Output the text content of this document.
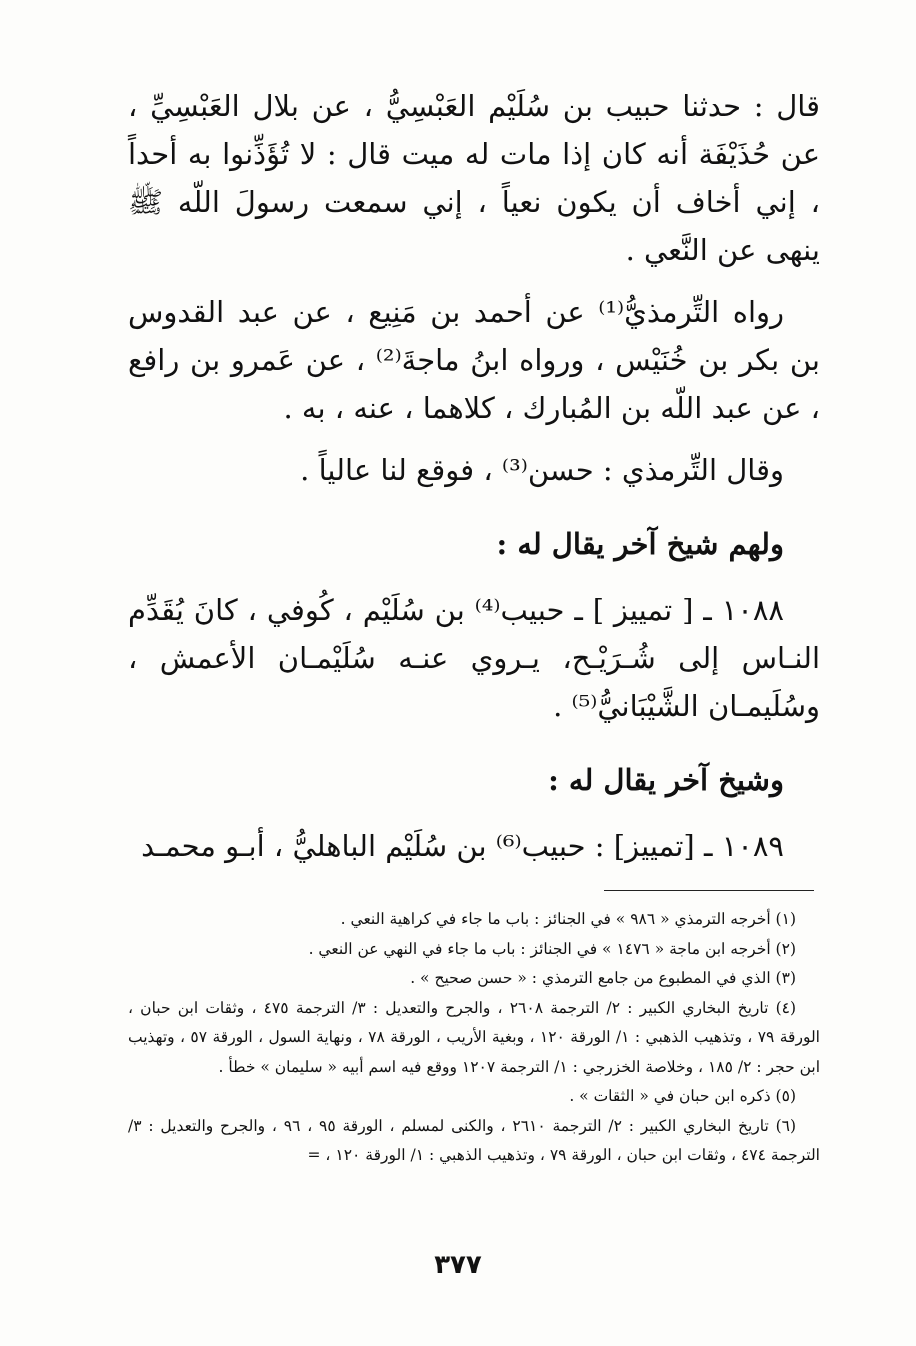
قال : حدثنا حبيب بن سُلَيْم العَبْسِيُّ ، عن بلال العَبْسِيِّ ، عن حُذَيْفَة أنه كان إذا مات له ميت قال : لا تُؤَذِّنوا به أحداً ، إني أخاف أن يكون نعياً ، إني سمعت رسولَ اللّه ﷺ ينهى عن النَّعي .

رواه التِّرمذيُّ⁽¹⁾ عن أحمد بن مَنِيع ، عن عبد القدوس بن بكر بن خُنَيْس ، ورواه ابنُ ماجةَ⁽²⁾ ، عن عَمرو بن رافع ، عن عبد اللّه بن المُبارك ، كلاهما ، عنه ، به .

وقال التِّرمذي : حسن⁽³⁾ ، فوقع لنا عالياً .

ولهم شيخ آخر يقال له :

١٠٨٨ ـ [ تمييز ] ـ حبيب⁽⁴⁾ بن سُلَيْم ، كُوفي ، كانَ يُقَدِّم النـاس إلى شُـرَيْـح، يـروي عنـه سُلَيْمـان الأعمش ، وسُلَيمـان الشَّيْبَانيُّ⁽⁵⁾ .

وشيخ آخر يقال له :

١٠٨٩ ـ [تمييز] : حبيب⁽⁶⁾ بن سُلَيْم الباهليُّ ، أبـو محمـد

(١) أخرجه الترمذي « ٩٨٦ » في الجنائز : باب ما جاء في كراهية النعي .

(٢) أخرجه ابن ماجة « ١٤٧٦ » في الجنائز : باب ما جاء في النهي عن النعي .

(٣) الذي في المطبوع من جامع الترمذي : « حسن صحيح » .

(٤) تاريخ البخاري الكبير : ٢/ الترجمة ٢٦٠٨ ، والجرح والتعديل : ٣/ الترجمة ٤٧٥ ، وثقات ابن حبان ، الورقة ٧٩ ، وتذهيب الذهبي : ١/ الورقة ١٢٠ ، وبغية الأريب ، الورقة ٧٨ ، ونهاية السول ، الورقة ٥٧ ، وتهذيب ابن حجر : ٢/ ١٨٥ ، وخلاصة الخزرجي : ١/ الترجمة ١٢٠٧ ووقع فيه اسم أبيه « سليمان » خطأ .

(٥) ذكره ابن حبان في « الثقات » .

(٦) تاريخ البخاري الكبير : ٢/ الترجمة ٢٦١٠ ، والكنى لمسلم ، الورقة ٩٥ ، ٩٦ ، والجرح والتعديل : ٣/ الترجمة ٤٧٤ ، وثقات ابن حبان ، الورقة ٧٩ ، وتذهيب الذهبي : ١/ الورقة ١٢٠ ، =

٣٧٧
